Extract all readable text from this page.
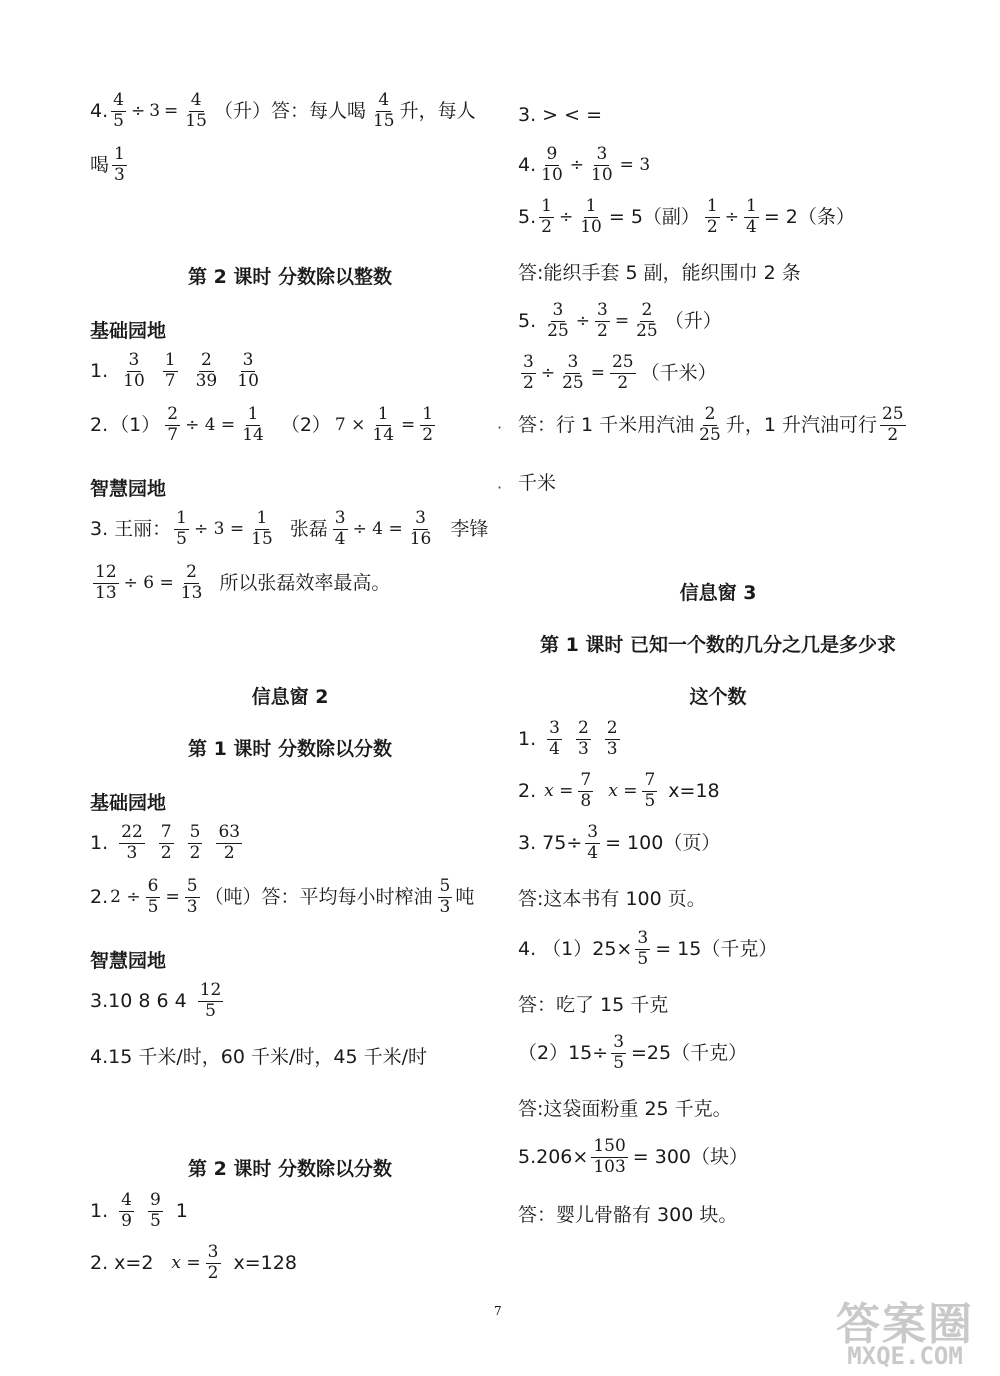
4. $\frac{4}{5} \div 3 = \frac{4}{15}$ （升）答：每人喝 $\frac{4}{15}$ 升，每人
喝 $\frac{1}{3}$
第 2 课时 分数除以整数
基础园地
1. $\frac{3}{10} \frac{1}{7} \frac{2}{39} \frac{3}{10}$
2. $(1) \frac{2}{7} \div 4 = \frac{1}{14} (2) 7 \times \frac{1}{14} = \frac{1}{2}$
智慧园地
3. 王丽： $\frac{1}{5} \div 3 = \frac{1}{15}$ 张磊 $\frac{3}{4} \div 4 = \frac{3}{16}$ 李锋
$\frac{12}{13} \div 6 = \frac{2}{13}$ 所以张磊效率最高。
信息窗 2
第 1 课时 分数除以分数
基础园地
1. $\frac{22}{3} \frac{7}{2} \frac{5}{2} \frac{63}{2}$
2. $2 \div \frac{6}{5} = \frac{5}{3}$ （吨）答：平均每小时榨油 $\frac{5}{3}$ 吨
智慧园地
3.10 8 6 $4 \frac{12}{5}$
4.15 千米/时，60 千米/时，45 千米/时
第 2 课时 分数除以分数
1. $\frac{4}{9} \frac{9}{5} 1$
2. x=2 $x = \frac{3}{2} x=128$
3. > < =
4. $\frac{9}{10} \div \frac{3}{10} = 3$
5. $\frac{1}{2} \div \frac{1}{10} = 5$（副） $\frac{1}{2} \div \frac{1}{4} = 2$（条）
答:能织手套 5 副，能织围巾 2 条
5. $\frac{3}{25} \div \frac{3}{2} = \frac{2}{25}$ （升）
$\frac{3}{2} \div \frac{3}{25} = \frac{25}{2}$ （千米）
答：行 1 千米用汽油 $\frac{2}{25}$ 升，1 升汽油可行 $\frac{25}{2}$
千米
信息窗 3
第 1 课时 已知一个数的几分之几是多少求
这个数
1. $\frac{3}{4} \frac{2}{3} \frac{2}{3}$
2. $x = \frac{7}{8}$ $x = \frac{7}{5} x=18$
3. $75\div \frac{3}{4} = 100$（页）
答:这本书有 100 页。
4. $(1)25\times \frac{3}{5} = 15$（千克）
答：吃了 15 千克
$(2)15\div \frac{3}{5} =25$（千克）
答:这袋面粉重 25 千克。
$5.206\times \frac{150}{103} = 300$（块）
答：婴儿骨骼有 300 块。
·
·
7	答案圈
MXQE.COM
